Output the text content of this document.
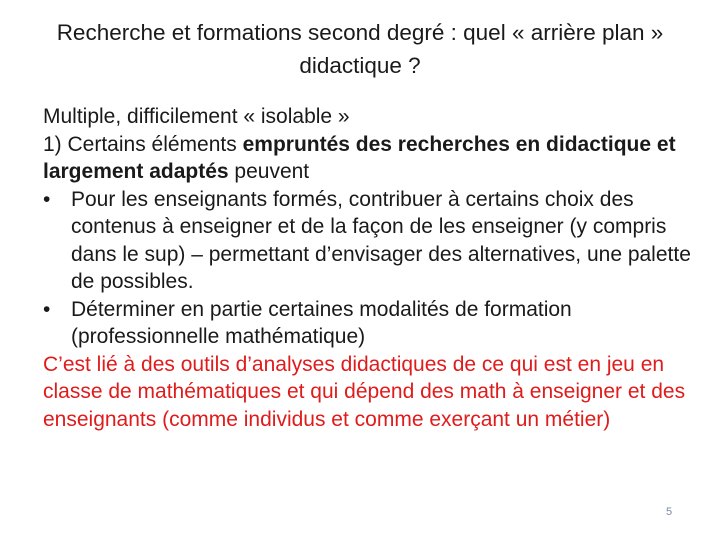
Recherche et formations second degré : quel « arrière plan » didactique ?

Multiple, difficilement « isolable »

1) Certains éléments empruntés des recherches en didactique et largement adaptés peuvent

• Pour les enseignants formés, contribuer à certains choix des contenus à enseigner et de la façon de les enseigner (y compris dans le sup) – permettant d’envisager des alternatives, une palette de possibles.

• Déterminer en partie certaines modalités de formation (professionnelle mathématique)

C’est lié à des outils d’analyses didactiques de ce qui est en jeu en classe de mathématiques et qui dépend des math à enseigner et des enseignants (comme individus et comme exerçant un métier)

5
